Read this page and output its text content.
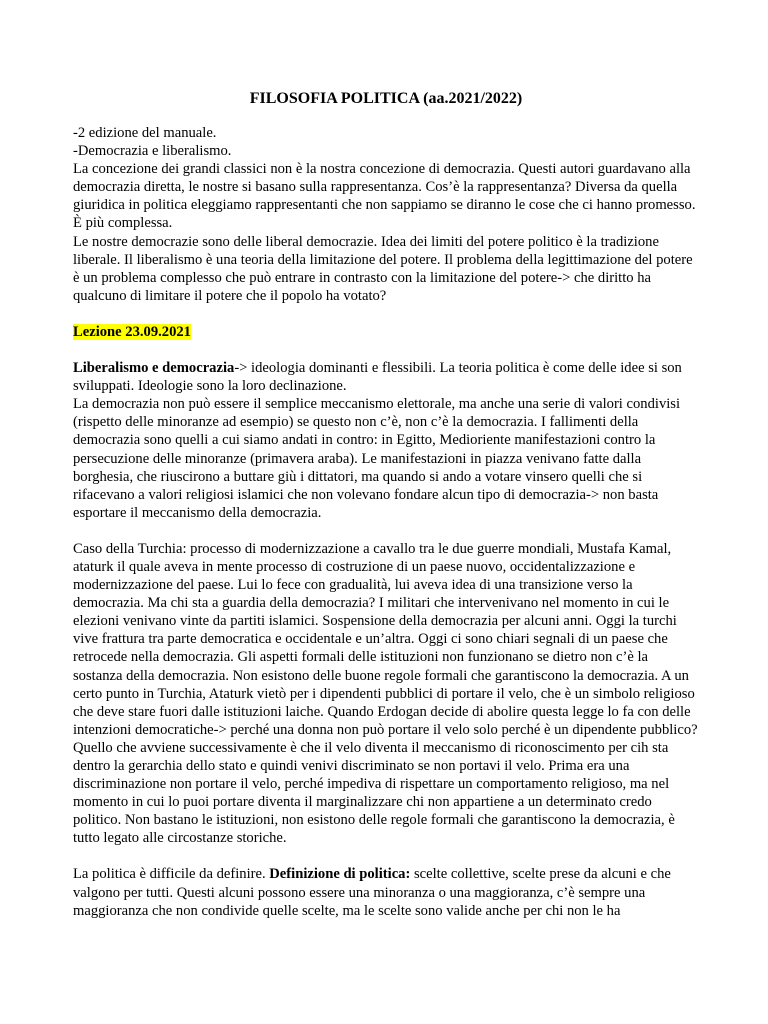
FILOSOFIA POLITICA (aa.2021/2022)

-2 edizione del manuale.

-Democrazia e liberalismo.

La concezione dei grandi classici non è la nostra concezione di democrazia. Questi autori guardavano alla democrazia diretta, le nostre si basano sulla rappresentanza. Cos’è la rappresentanza? Diversa da quella giuridica in politica eleggiamo rappresentanti che non sappiamo se diranno le cose che ci hanno promesso. È più complessa.

Le nostre democrazie sono delle liberal democrazie. Idea dei limiti del potere politico è la tradizione liberale. Il liberalismo è una teoria della limitazione del potere. Il problema della legittimazione del potere è un problema complesso che può entrare in contrasto con la limitazione del potere-> che diritto ha qualcuno di limitare il potere che il popolo ha votato?

Lezione 23.09.2021

Liberalismo e democrazia-> ideologia dominanti e flessibili. La teoria politica è come delle idee si son sviluppati. Ideologie sono la loro declinazione.

La democrazia non può essere il semplice meccanismo elettorale, ma anche una serie di valori condivisi (rispetto delle minoranze ad esempio) se questo non c’è, non c’è la democrazia. I fallimenti della democrazia sono quelli a cui siamo andati in contro: in Egitto, Medioriente manifestazioni contro la persecuzione delle minoranze (primavera araba). Le manifestazioni in piazza venivano fatte dalla borghesia, che riuscirono a buttare giù i dittatori, ma quando si ando a votare vinsero quelli che si rifacevano a valori religiosi islamici che non volevano fondare alcun tipo di democrazia-> non basta esportare il meccanismo della democrazia.

Caso della Turchia: processo di modernizzazione a cavallo tra le due guerre mondiali, Mustafa Kamal, ataturk il quale aveva in mente processo di costruzione di un paese nuovo, occidentalizzazione e modernizzazione del paese. Lui lo fece con gradualità, lui aveva idea di una transizione verso la democrazia. Ma chi sta a guardia della democrazia? I militari che intervenivano nel momento in cui le elezioni venivano vinte da partiti islamici. Sospensione della democrazia per alcuni anni. Oggi la turchi vive frattura tra parte democratica e occidentale e un’altra. Oggi ci sono chiari segnali di un paese che retrocede nella democrazia. Gli aspetti formali delle istituzioni non funzionano se dietro non c’è la sostanza della democrazia. Non esistono delle buone regole formali che garantiscono la democrazia. A un certo punto in Turchia, Ataturk vietò per i dipendenti pubblici di portare il velo, che è un simbolo religioso che deve stare fuori dalle istituzioni laiche. Quando Erdogan decide di abolire questa legge lo fa con delle intenzioni democratiche-> perché una donna non può portare il velo solo perché è un dipendente pubblico? Quello che avviene successivamente è che il velo diventa il meccanismo di riconoscimento per cih sta dentro la gerarchia dello stato e quindi venivi discriminato se non portavi il velo. Prima era una discriminazione non portare il velo, perché impediva di rispettare un comportamento religioso, ma nel momento in cui lo puoi portare diventa il marginalizzare chi non appartiene a un determinato credo politico. Non bastano le istituzioni, non esistono delle regole formali che garantiscono la democrazia, è tutto legato alle circostanze storiche.

La politica è difficile da definire. Definizione di politica: scelte collettive, scelte prese da alcuni e che valgono per tutti. Questi alcuni possono essere una minoranza o una maggioranza, c’è sempre una maggioranza che non condivide quelle scelte, ma le scelte sono valide anche per chi non le ha
